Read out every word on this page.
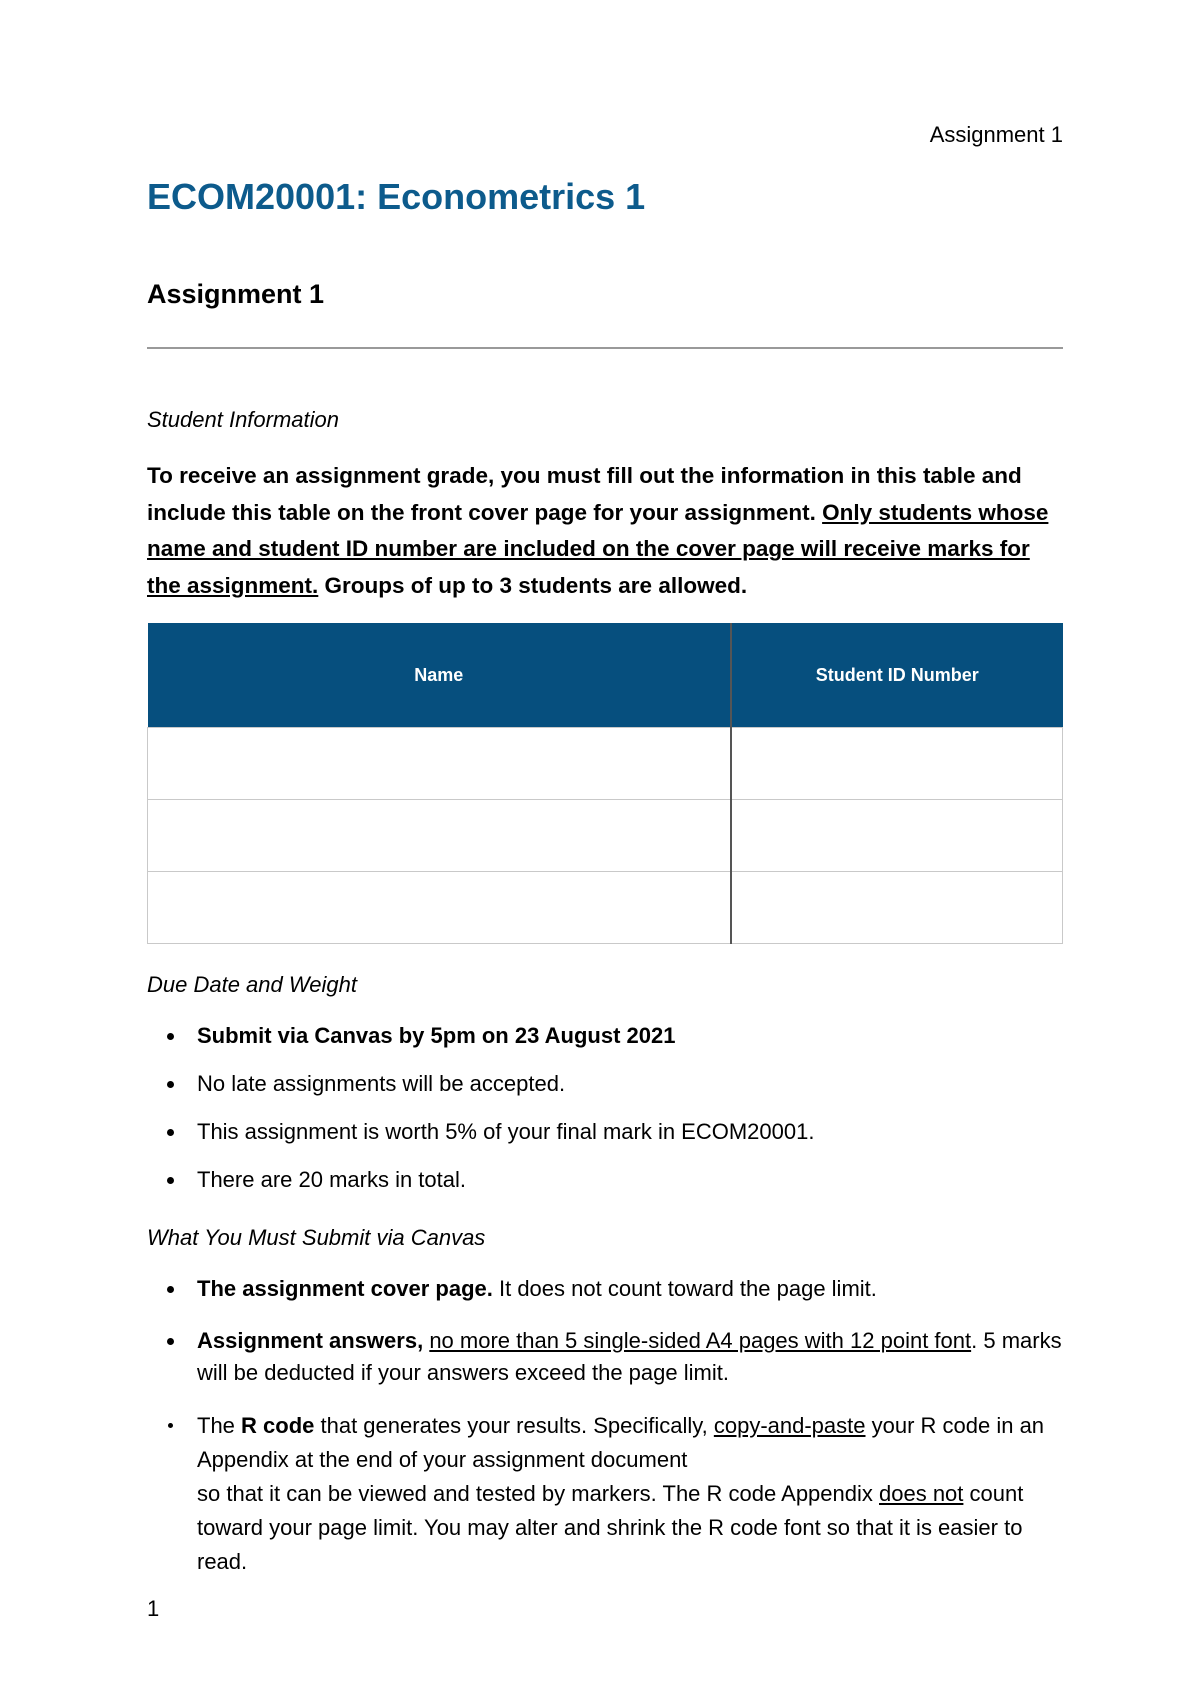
Assignment 1
ECOM20001: Econometrics 1
Assignment 1
Student Information
To receive an assignment grade, you must fill out the information in this table and include this table on the front cover page for your assignment. Only students whose name and student ID number are included on the cover page will receive marks for the assignment. Groups of up to 3 students are allowed.
Name	Student ID Number

Due Date and Weight
Submit via Canvas by 5pm on 23 August 2021
No late assignments will be accepted.
This assignment is worth 5% of your final mark in ECOM20001.
There are 20 marks in total.
What You Must Submit via Canvas
The assignment cover page. It does not count toward the page limit.
Assignment answers, no more than 5 single-sided A4 pages with 12 point font. 5 marks will be deducted if your answers exceed the page limit.
The R code that generates your results. Specifically, copy-and-paste your R code in an Appendix at the end of your assignment document
so that it can be viewed and tested by markers. The R code Appendix does not count toward your page limit. You may alter and shrink the R code font so that it is easier to read.
1
